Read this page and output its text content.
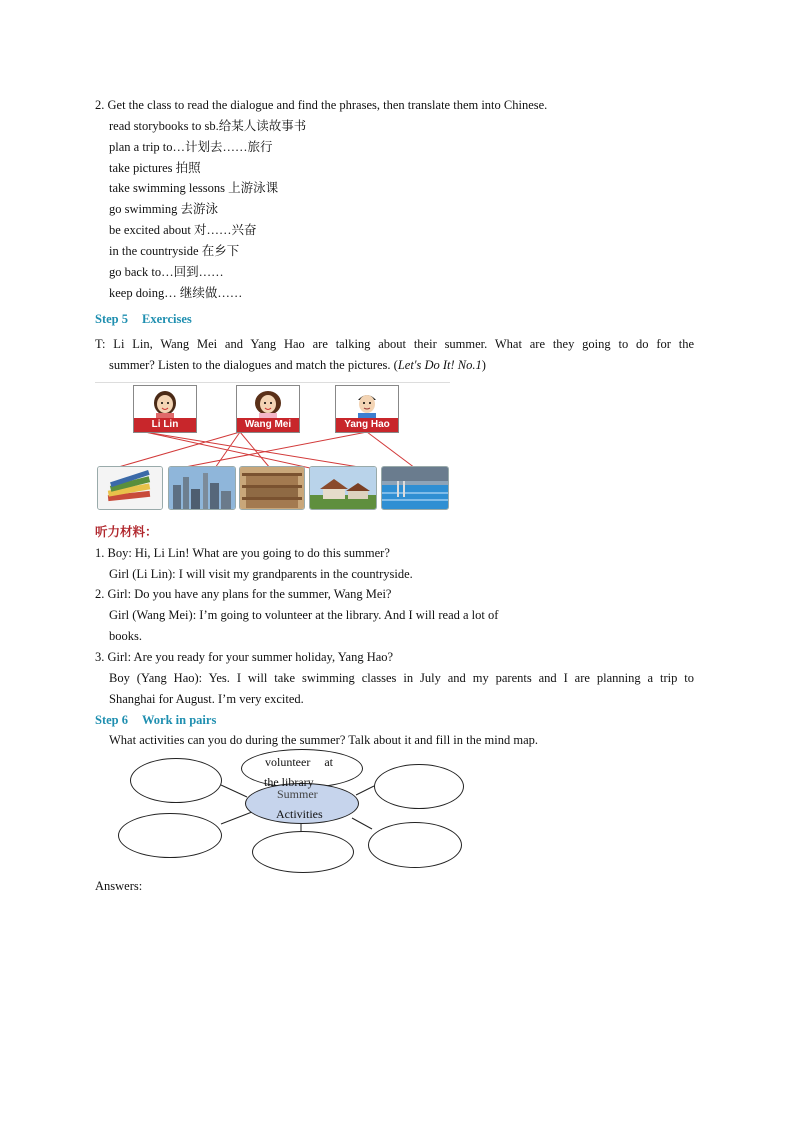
2. Get the class to read the dialogue and find the phrases, then translate them into Chinese.
read storybooks to sb.给某人读故事书
plan a trip to…计划去……旅行
take pictures 拍照
take swimming lessons 上游泳课
go swimming 去游泳
be excited about 对……兴奋
in the countryside 在乡下
go back to…回到……
keep doing… 继续做……
Step 5 Exercises
T: Li Lin, Wang Mei and Yang Hao are talking about their summer. What are they going to do for the
summer? Listen to the dialogues and match the pictures. (Let's Do It! No.1)
Li Lin	Wang Mei	Yang Hao
听力材料：
1. Boy: Hi, Li Lin! What are you going to do this summer?
Girl (Li Lin): I will visit my grandparents in the countryside.
2. Girl: Do you have any plans for the summer, Wang Mei?
Girl (Wang Mei): I’m going to volunteer at the library. And I will read a lot of
books.
3. Girl: Are you ready for your summer holiday, Yang Hao?
Boy (Yang Hao): Yes. I will take swimming classes in July and my parents and I are planning a trip to
Shanghai for August. I’m very excited.
Step 6 Work in pairs
What activities can you do during the summer? Talk about it and fill in the mind map.
volunteer at
the library
Summer
Activities
Answers:
